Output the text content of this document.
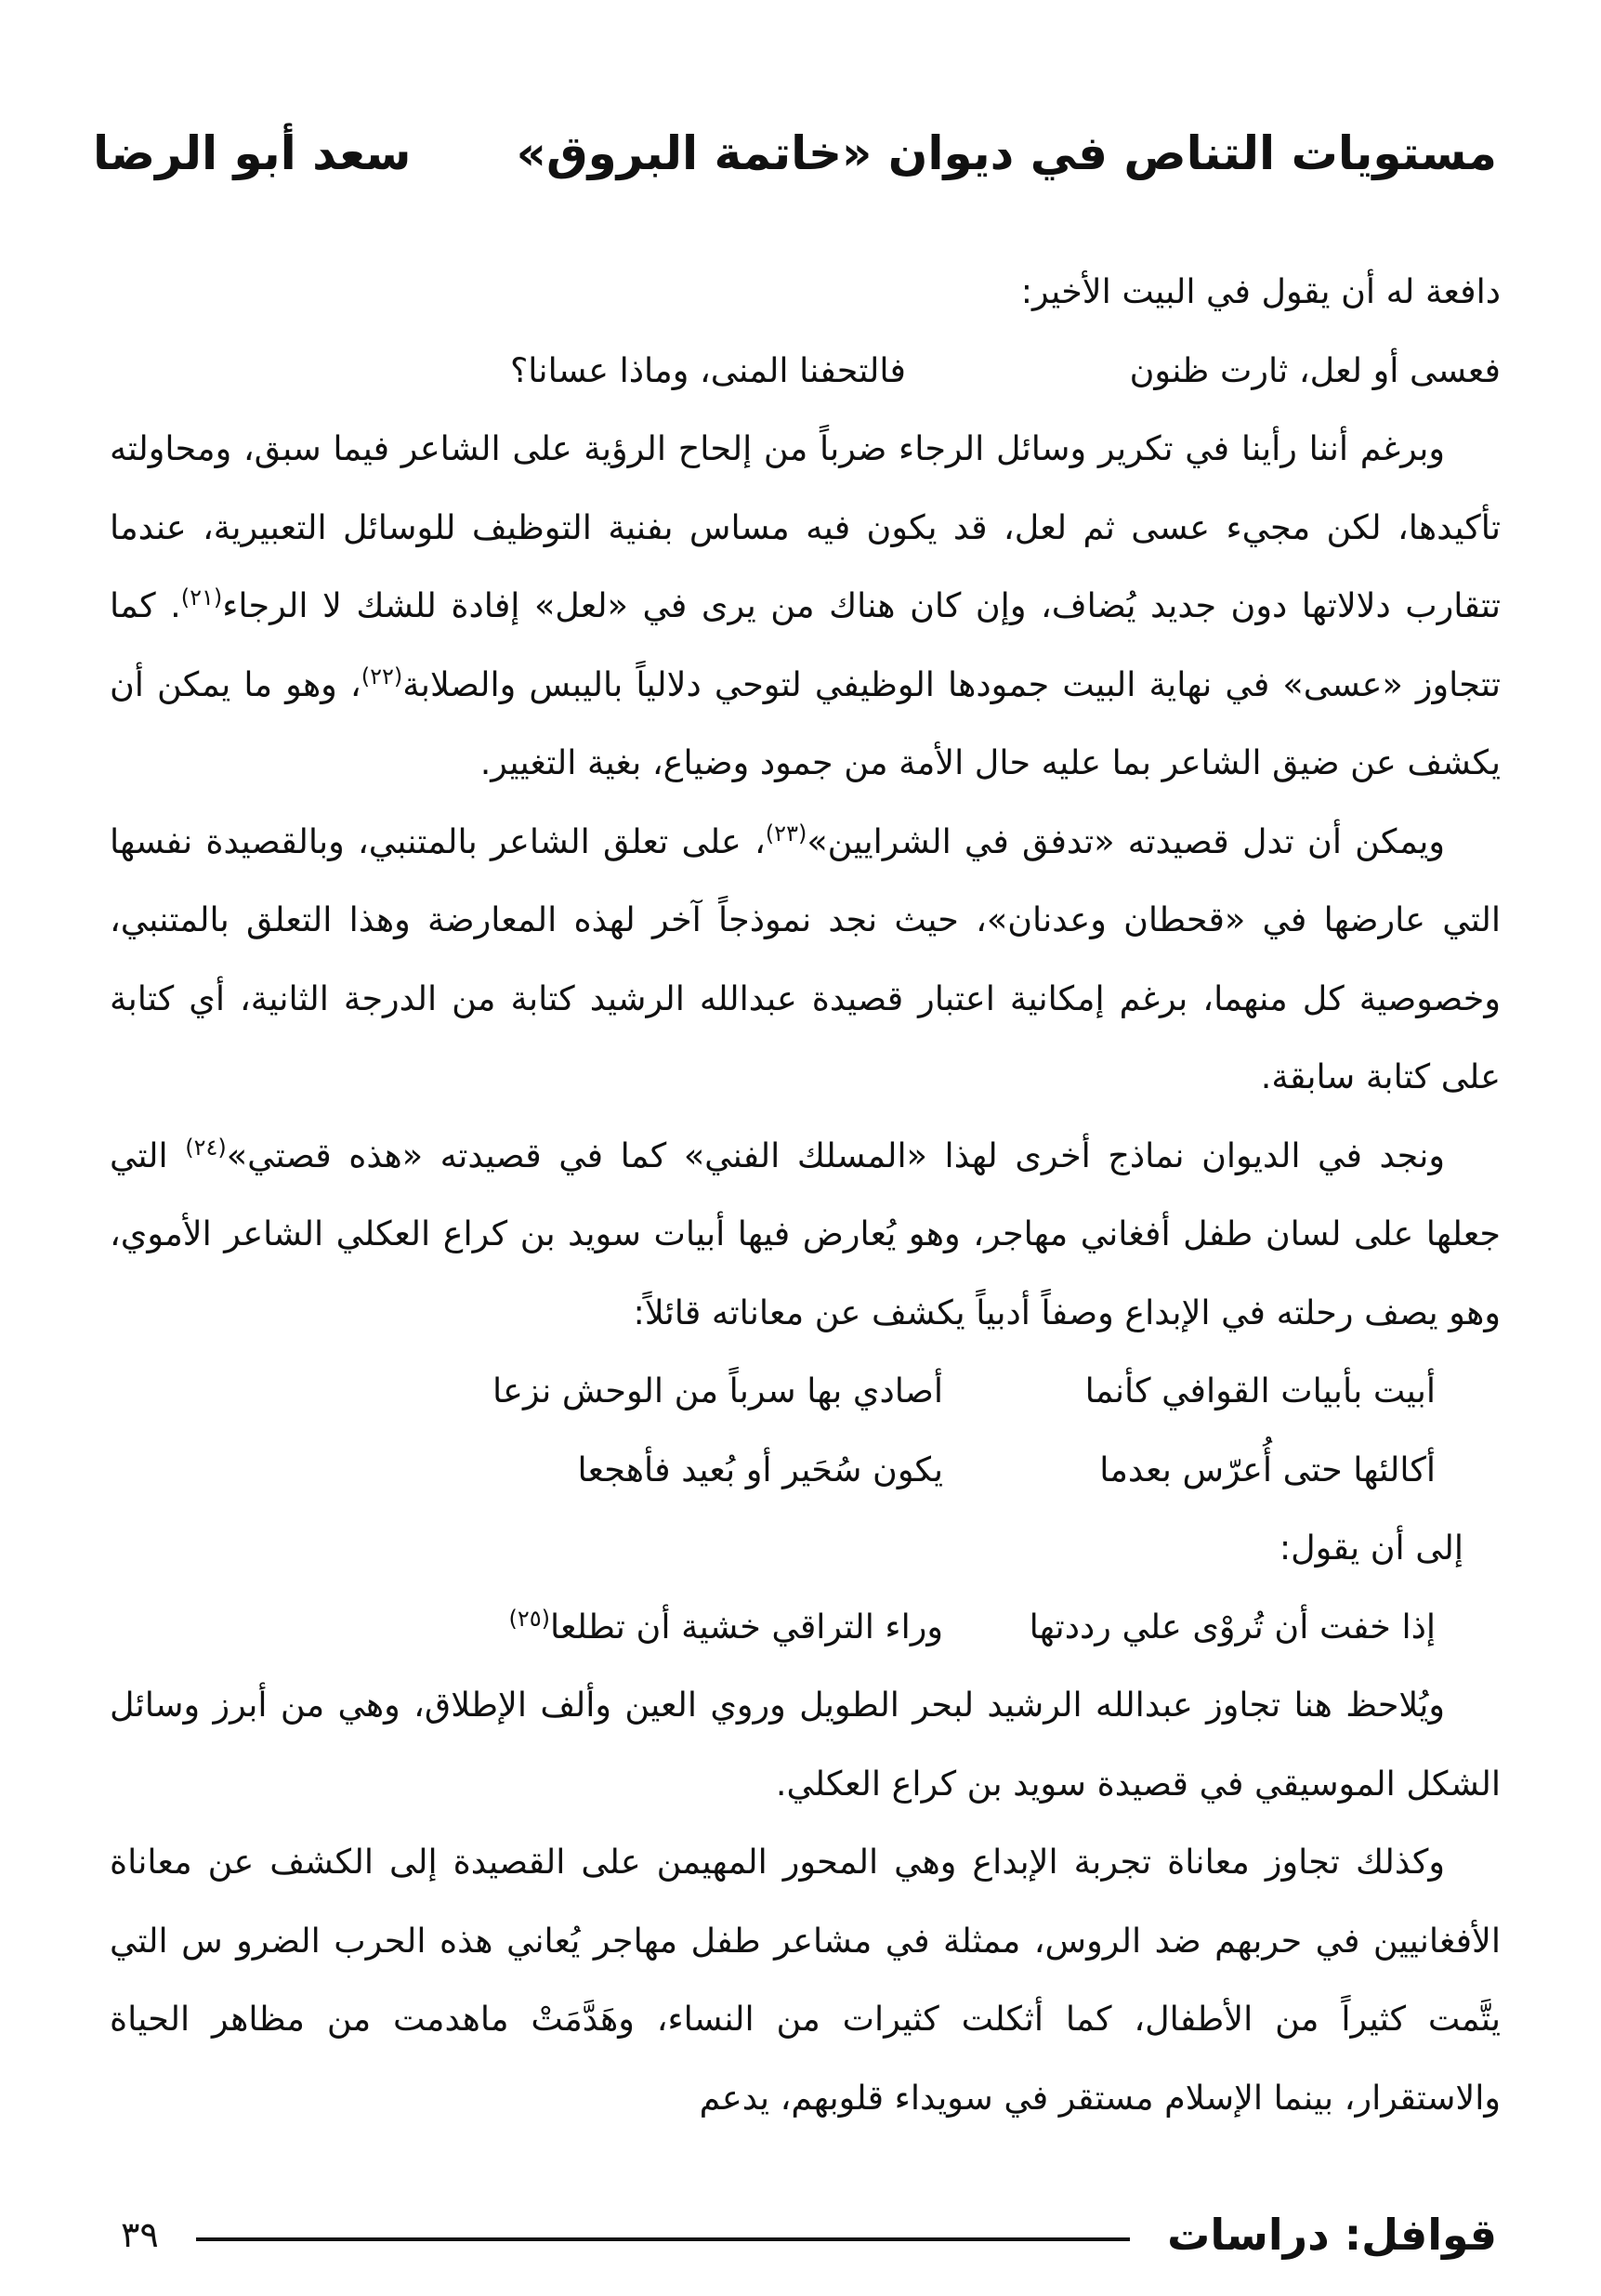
مستويات التناص في ديوان «خاتمة البروق»
سعد أبو الرضا

دافعة له أن يقول في البيت الأخير:

فعسى أو لعل، ثارت ظنون
فالتحفنا المنى، وماذا عسانا؟

وبرغم أننا رأينا في تكرير وسائل الرجاء ضرباً من إلحاح الرؤية على الشاعر فيما سبق، ومحاولته تأكيدها، لكن مجيء عسى ثم لعل، قد يكون فيه مساس بفنية التوظيف للوسائل التعبيرية، عندما تتقارب دلالاتها دون جديد يُضاف، وإن كان هناك من يرى في «لعل» إفادة للشك لا الرجاء$^{(٢١)}$. كما تتجاوز «عسى» في نهاية البيت جمودها الوظيفي لتوحي دلالياً باليبس والصلابة$^{(٢٢)}$، وهو ما يمكن أن يكشف عن ضيق الشاعر بما عليه حال الأمة من جمود وضياع، بغية التغيير.

ويمكن أن تدل قصيدته «تدفق في الشرايين»$^{(٢٣)}$، على تعلق الشاعر بالمتنبي، وبالقصيدة نفسها التي عارضها في «قحطان وعدنان»، حيث نجد نموذجاً آخر لهذه المعارضة وهذا التعلق بالمتنبي، وخصوصية كل منهما، برغم إمكانية اعتبار قصيدة عبدالله الرشيد كتابة من الدرجة الثانية، أي كتابة على كتابة سابقة.

ونجد في الديوان نماذج أخرى لهذا «المسلك الفني» كما في قصيدته «هذه قصتي»$^{(٢٤)}$ التي جعلها على لسان طفل أفغاني مهاجر، وهو يُعارض فيها أبيات سويد بن كراع العكلي الشاعر الأموي، وهو يصف رحلته في الإبداع وصفاً أدبياً يكشف عن معاناته قائلاً:

أبيت بأبيات القوافي كأنما
أصادي بها سرباً من الوحش نزعا
أكالئها حتى أُعرّس بعدما
يكون سُحَير أو بُعيد فأهجعا

إلى أن يقول:

إذا خفت أن تُروْى علي رددتها
وراء التراقي خشية أن تطلعا$^{(٢٥)}$

ويُلاحظ هنا تجاوز عبدالله الرشيد لبحر الطويل وروي العين وألف الإطلاق، وهي من أبرز وسائل الشكل الموسيقي في قصيدة سويد بن كراع العكلي.

وكذلك تجاوز معاناة تجربة الإبداع وهي المحور المهيمن على القصيدة إلى الكشف عن معاناة الأفغانيين في حربهم ضد الروس، ممثلة في مشاعر طفل مهاجر يُعاني هذه الحرب الضرو س التي يتَّمت كثيراً من الأطفال، كما أثكلت كثيرات من النساء، وهَدَّمَتْ ماهدمت من مظاهر الحياة والاستقرار، بينما الإسلام مستقر في سويداء قلوبهم، يدعم

قوافل: دراسات
٣٩
